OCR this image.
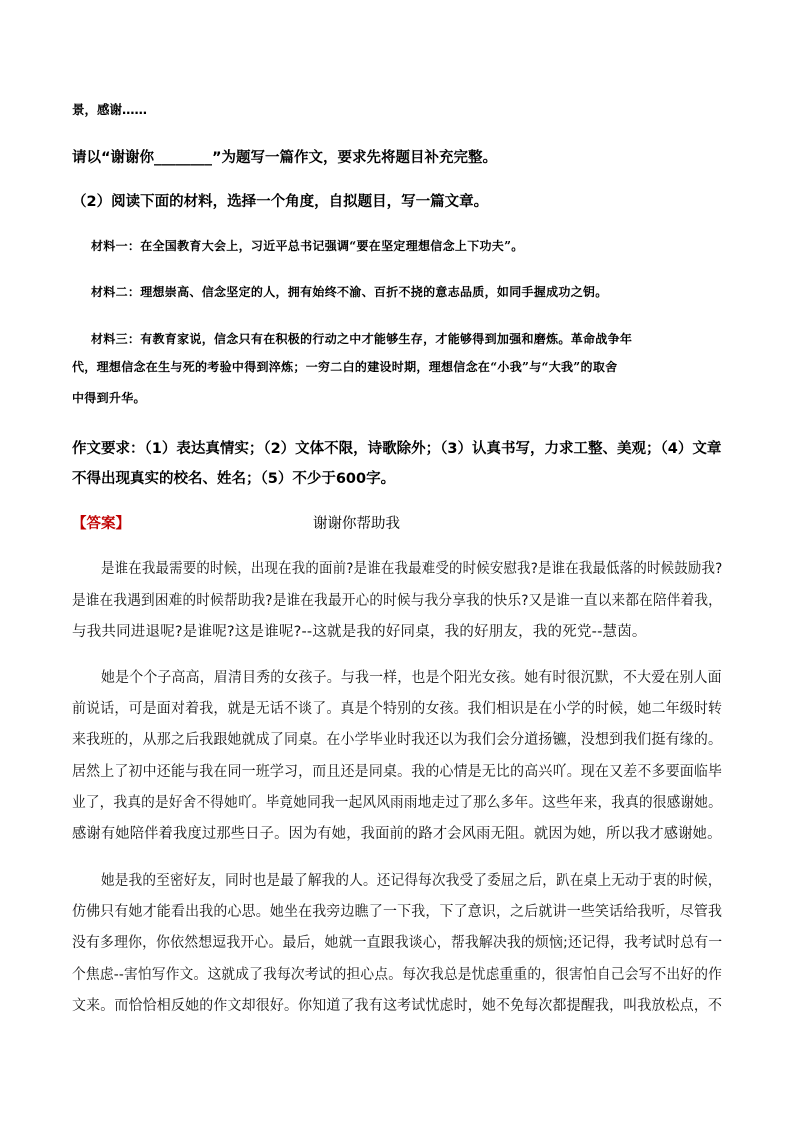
景，感谢……
请以“谢谢你________”为题写一篇作文，要求先将题目补充完整。
（2）阅读下面的材料，选择一个角度，自拟题目，写一篇文章。
材料一：在全国教育大会上，习近平总书记强调“要在坚定理想信念上下功夫”。
材料二：理想崇高、信念坚定的人，拥有始终不渝、百折不挠的意志品质，如同手握成功之钥。
材料三：有教育家说，信念只有在积极的行动之中才能够生存，才能够得到加强和磨炼。革命战争年
代，理想信念在生与死的考验中得到淬炼；一穷二白的建设时期，理想信念在“小我”与“大我”的取舍
中得到升华。
作文要求：（1）表达真情实；（2）文体不限，诗歌除外；（3）认真书写，力求工整、美观；（4）文章
不得出现真实的校名、姓名；（5）不少于600字。
【答案】	谢谢你帮助我
是谁在我最需要的时候，出现在我的面前?是谁在我最难受的时候安慰我?是谁在我最低落的时候鼓励我?
是谁在我遇到困难的时候帮助我?是谁在我最开心的时候与我分享我的快乐?又是谁一直以来都在陪伴着我，
与我共同进退呢?是谁呢?这是谁呢?--这就是我的好同桌，我的好朋友，我的死党--慧茵。
她是个个子高高，眉清目秀的女孩子。与我一样，也是个阳光女孩。她有时很沉默，不大爱在别人面
前说话，可是面对着我，就是无话不谈了。真是个特别的女孩。我们相识是在小学的时候，她二年级时转
来我班的，从那之后我跟她就成了同桌。在小学毕业时我还以为我们会分道扬镳，没想到我们挺有缘的。
居然上了初中还能与我在同一班学习，而且还是同桌。我的心情是无比的高兴吖。现在又差不多要面临毕
业了，我真的是好舍不得她吖。毕竟她同我一起风风雨雨地走过了那么多年。这些年来，我真的很感谢她。
感谢有她陪伴着我度过那些日子。因为有她，我面前的路才会风雨无阻。就因为她，所以我才感谢她。
她是我的至密好友，同时也是最了解我的人。还记得每次我受了委屈之后，趴在桌上无动于衷的时候，
仿佛只有她才能看出我的心思。她坐在我旁边瞧了一下我，下了意识，之后就讲一些笑话给我听，尽管我
没有多理你，你依然想逗我开心。最后，她就一直跟我谈心，帮我解决我的烦恼;还记得，我考试时总有一
个焦虑--害怕写作文。这就成了我每次考试的担心点。每次我总是忧虑重重的，很害怕自己会写不出好的作
文来。而恰恰相反她的作文却很好。你知道了我有这考试忧虑时，她不免每次都提醒我，叫我放松点，不
